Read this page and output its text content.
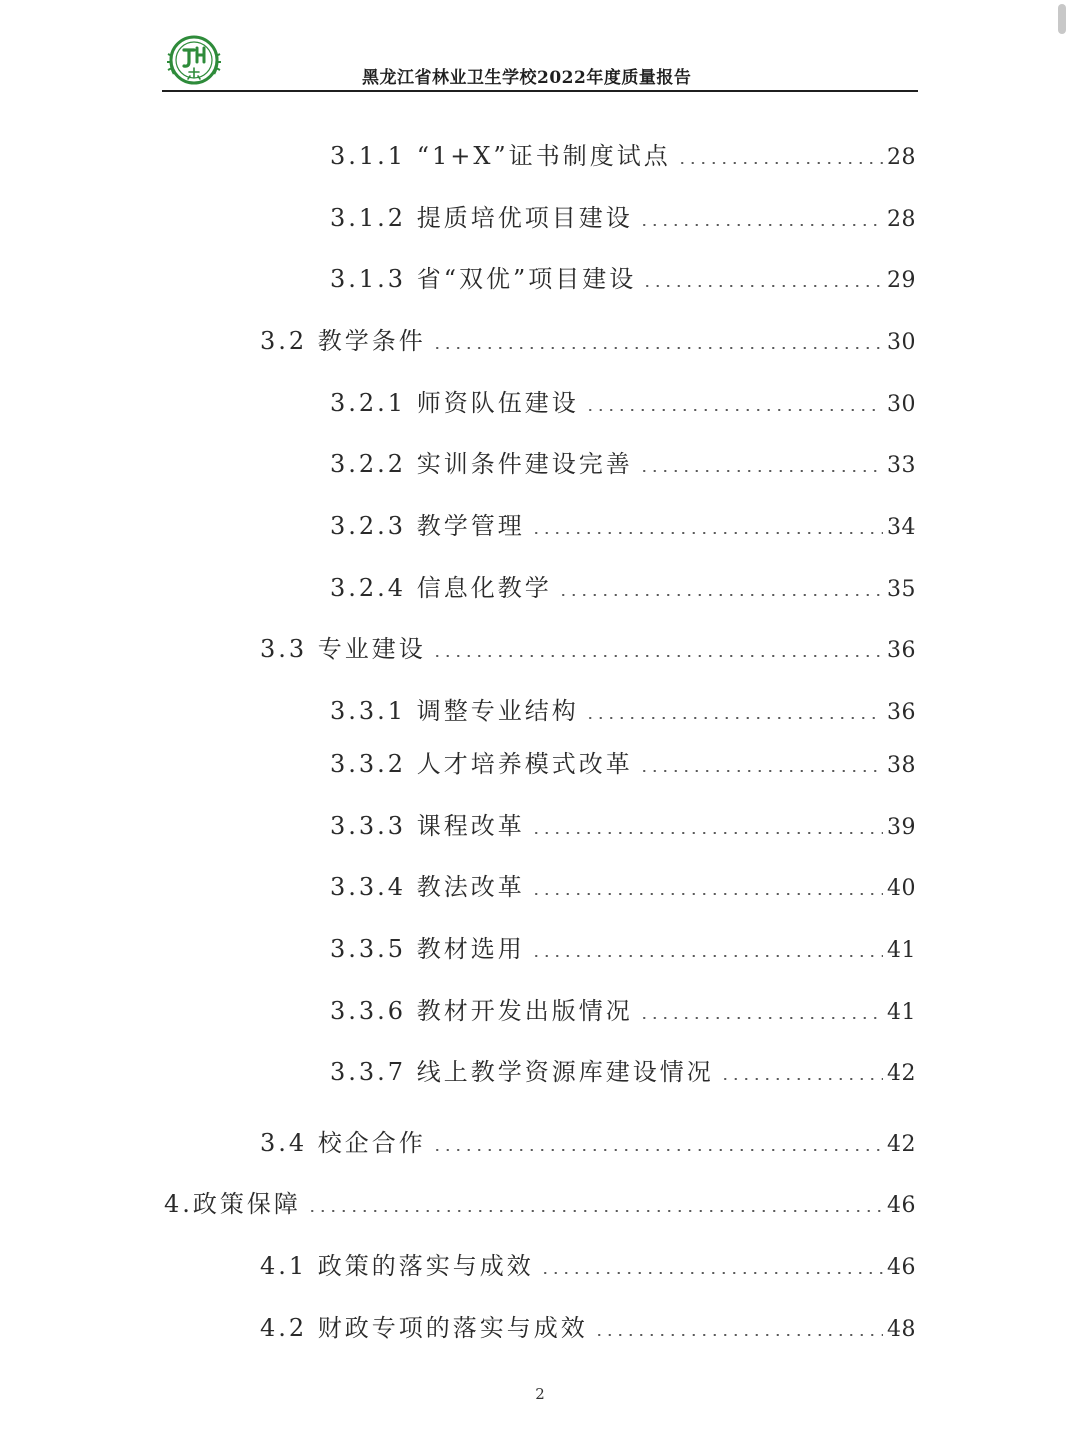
黑龙江省林业卫生学校2022年度质量报告
3.1.1 “1+X”证书制度试点	28
3.1.2 提质培优项目建设	28
3.1.3 省“双优”项目建设	29
3.2 教学条件	30
3.2.1 师资队伍建设	30
3.2.2 实训条件建设完善	33
3.2.3 教学管理	34
3.2.4 信息化教学	35
3.3 专业建设	36
3.3.1 调整专业结构	36
3.3.2 人才培养模式改革	38
3.3.3 课程改革	39
3.3.4 教法改革	40
3.3.5 教材选用	41
3.3.6 教材开发出版情况	41
3.3.7 线上教学资源库建设情况	42
3.4 校企合作	42
4.政策保障	46
4.1 政策的落实与成效	46
4.2 财政专项的落实与成效	48
2
